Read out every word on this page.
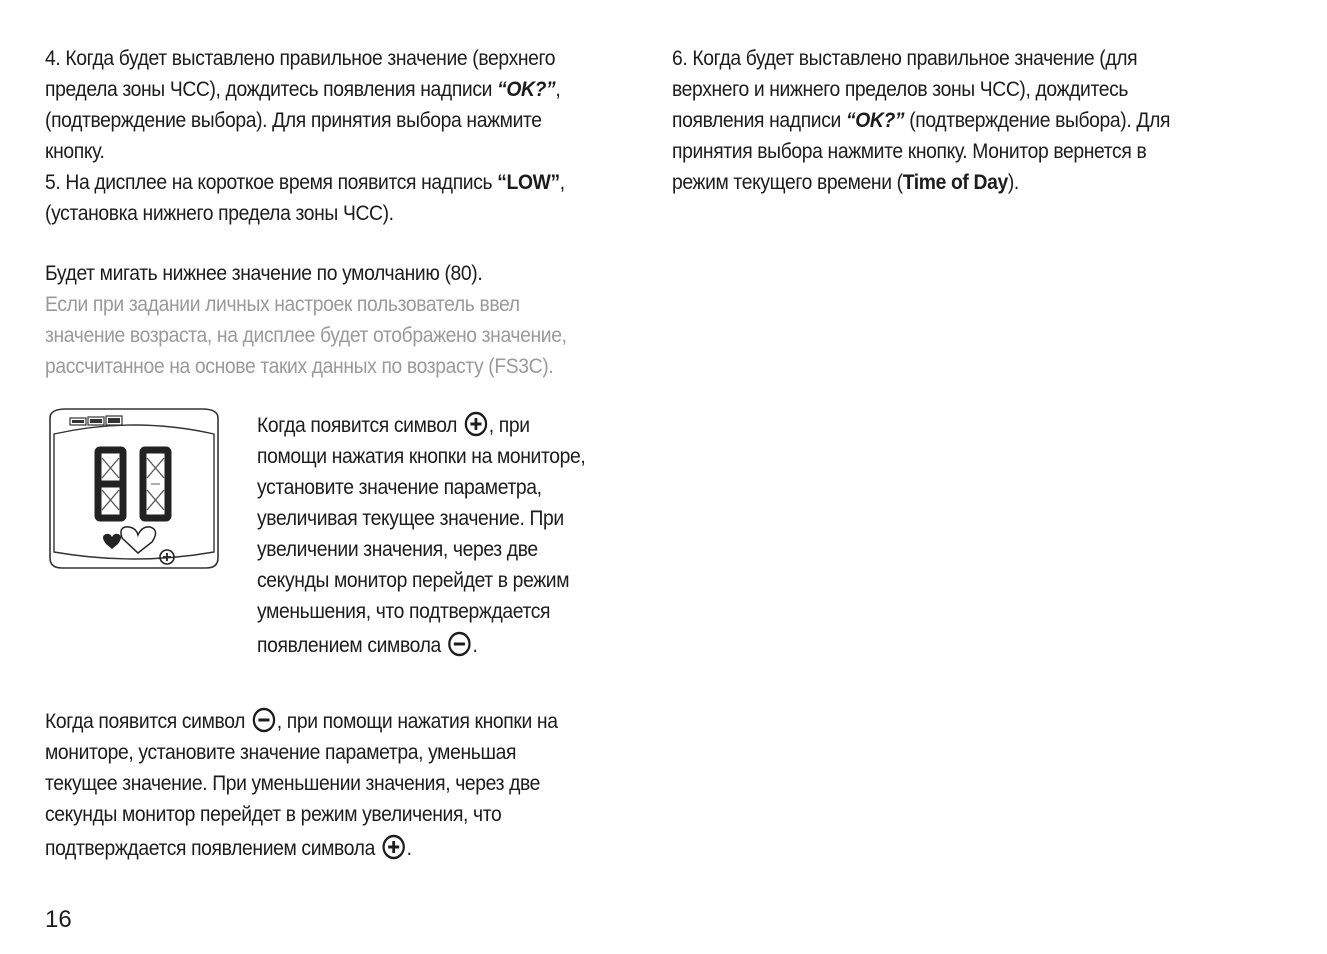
4. Когда будет выставлено правильное значение (верхнего
предела зоны ЧСС), дождитесь появления надписи “OK?”,
(подтверждение выбора). Для принятия выбора нажмите
кнопку.
5. На дисплее на короткое время появится надпись “LOW”,
(установка нижнего предела зоны ЧСС).
Будет мигать нижнее значение по умолчанию (80).
Если при задании личных настроек пользователь ввел
значение возраста, на дисплее будет отображено значение,
рассчитанное на основе таких данных по возрасту (FS3C).
Когда появится символ
, при
помощи нажатия кнопки на мониторе,
установите значение параметра,
увеличивая текущее значение. При
увеличении значения, через две
секунды монитор перейдет в режим
уменьшения, что подтверждается
появлением символа
.
Когда появится символ
, при помощи нажатия кнопки на
мониторе, установите значение параметра, уменьшая
текущее значение. При уменьшении значения, через две
секунды монитор перейдет в режим увеличения, что
подтверждается появлением символа
.
6. Когда будет выставлено правильное значение (для
верхнего и нижнего пределов зоны ЧСС), дождитесь
появления надписи “OK?” (подтверждение выбора). Для
принятия выбора нажмите кнопку. Монитор вернется в
режим текущего времени (Time of Day).
16
